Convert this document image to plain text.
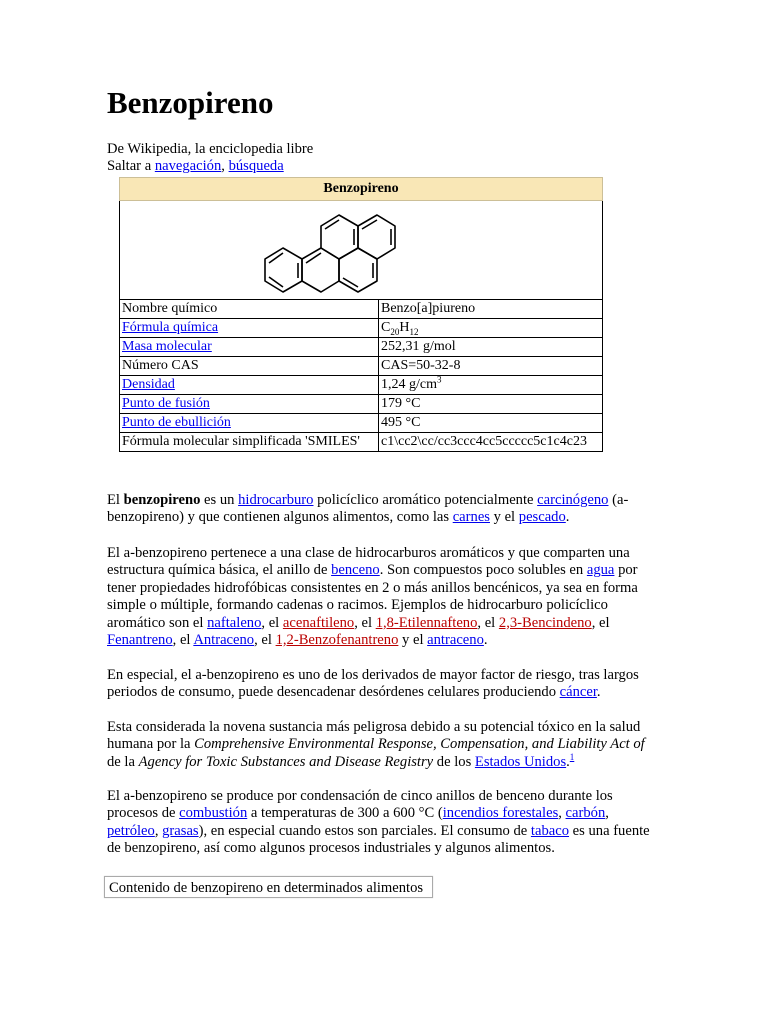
Benzopireno
De Wikipedia, la enciclopedia libre
Saltar a navegación, búsqueda
Benzopireno	

Nombre químico	Benzo[a]piureno
Fórmula química	$C_{20}H_{12}$
Masa molecular	252,31 g/mol
Número CAS	CAS=50-32-8
Densidad	1,24 $g/cm^3$
Punto de fusión	179 °C
Punto de ebullición	495 °C
Fórmula molecular simplificada 'SMILES'	c1\cc2\cc/cc3ccc4cc5ccccc5c1c4c23

El benzopireno es un hidrocarburo policíclico aromático potencialmente carcinógeno (a-benzopireno) y que contienen algunos alimentos, como las carnes y el pescado.

El a-benzopireno pertenece a una clase de hidrocarburos aromáticos y que comparten una estructura química básica, el anillo de benceno. Son compuestos poco solubles en agua por tener propiedades hidrofóbicas consistentes en 2 o más anillos bencénicos, ya sea en forma simple o múltiple, formando cadenas o racimos. Ejemplos de hidrocarburo policíclico aromático son el naftaleno, el acenaftileno, el 1,8-Etilennafteno, el 2,3-Bencindeno, el Fenantreno, el Antraceno, el 1,2-Benzofenantreno y el antraceno.

En especial, el a-benzopireno es uno de los derivados de mayor factor de riesgo, tras largos periodos de consumo, puede desencadenar desórdenes celulares produciendo cáncer.

Esta considerada la novena sustancia más peligrosa debido a su potencial tóxico en la salud humana por la Comprehensive Environmental Response, Compensation, and Liability Act of de la Agency for Toxic Substances and Disease Registry de los Estados Unidos.$^1$

El a-benzopireno se produce por condensación de cinco anillos de benceno durante los procesos de combustión a temperaturas de 300 a 600 °C (incendios forestales, carbón, petróleo, grasas), en especial cuando estos son parciales. El consumo de tabaco es una fuente de benzopireno, así como algunos procesos industriales y algunos alimentos.

Contenido de benzopireno en determinados alimentos
